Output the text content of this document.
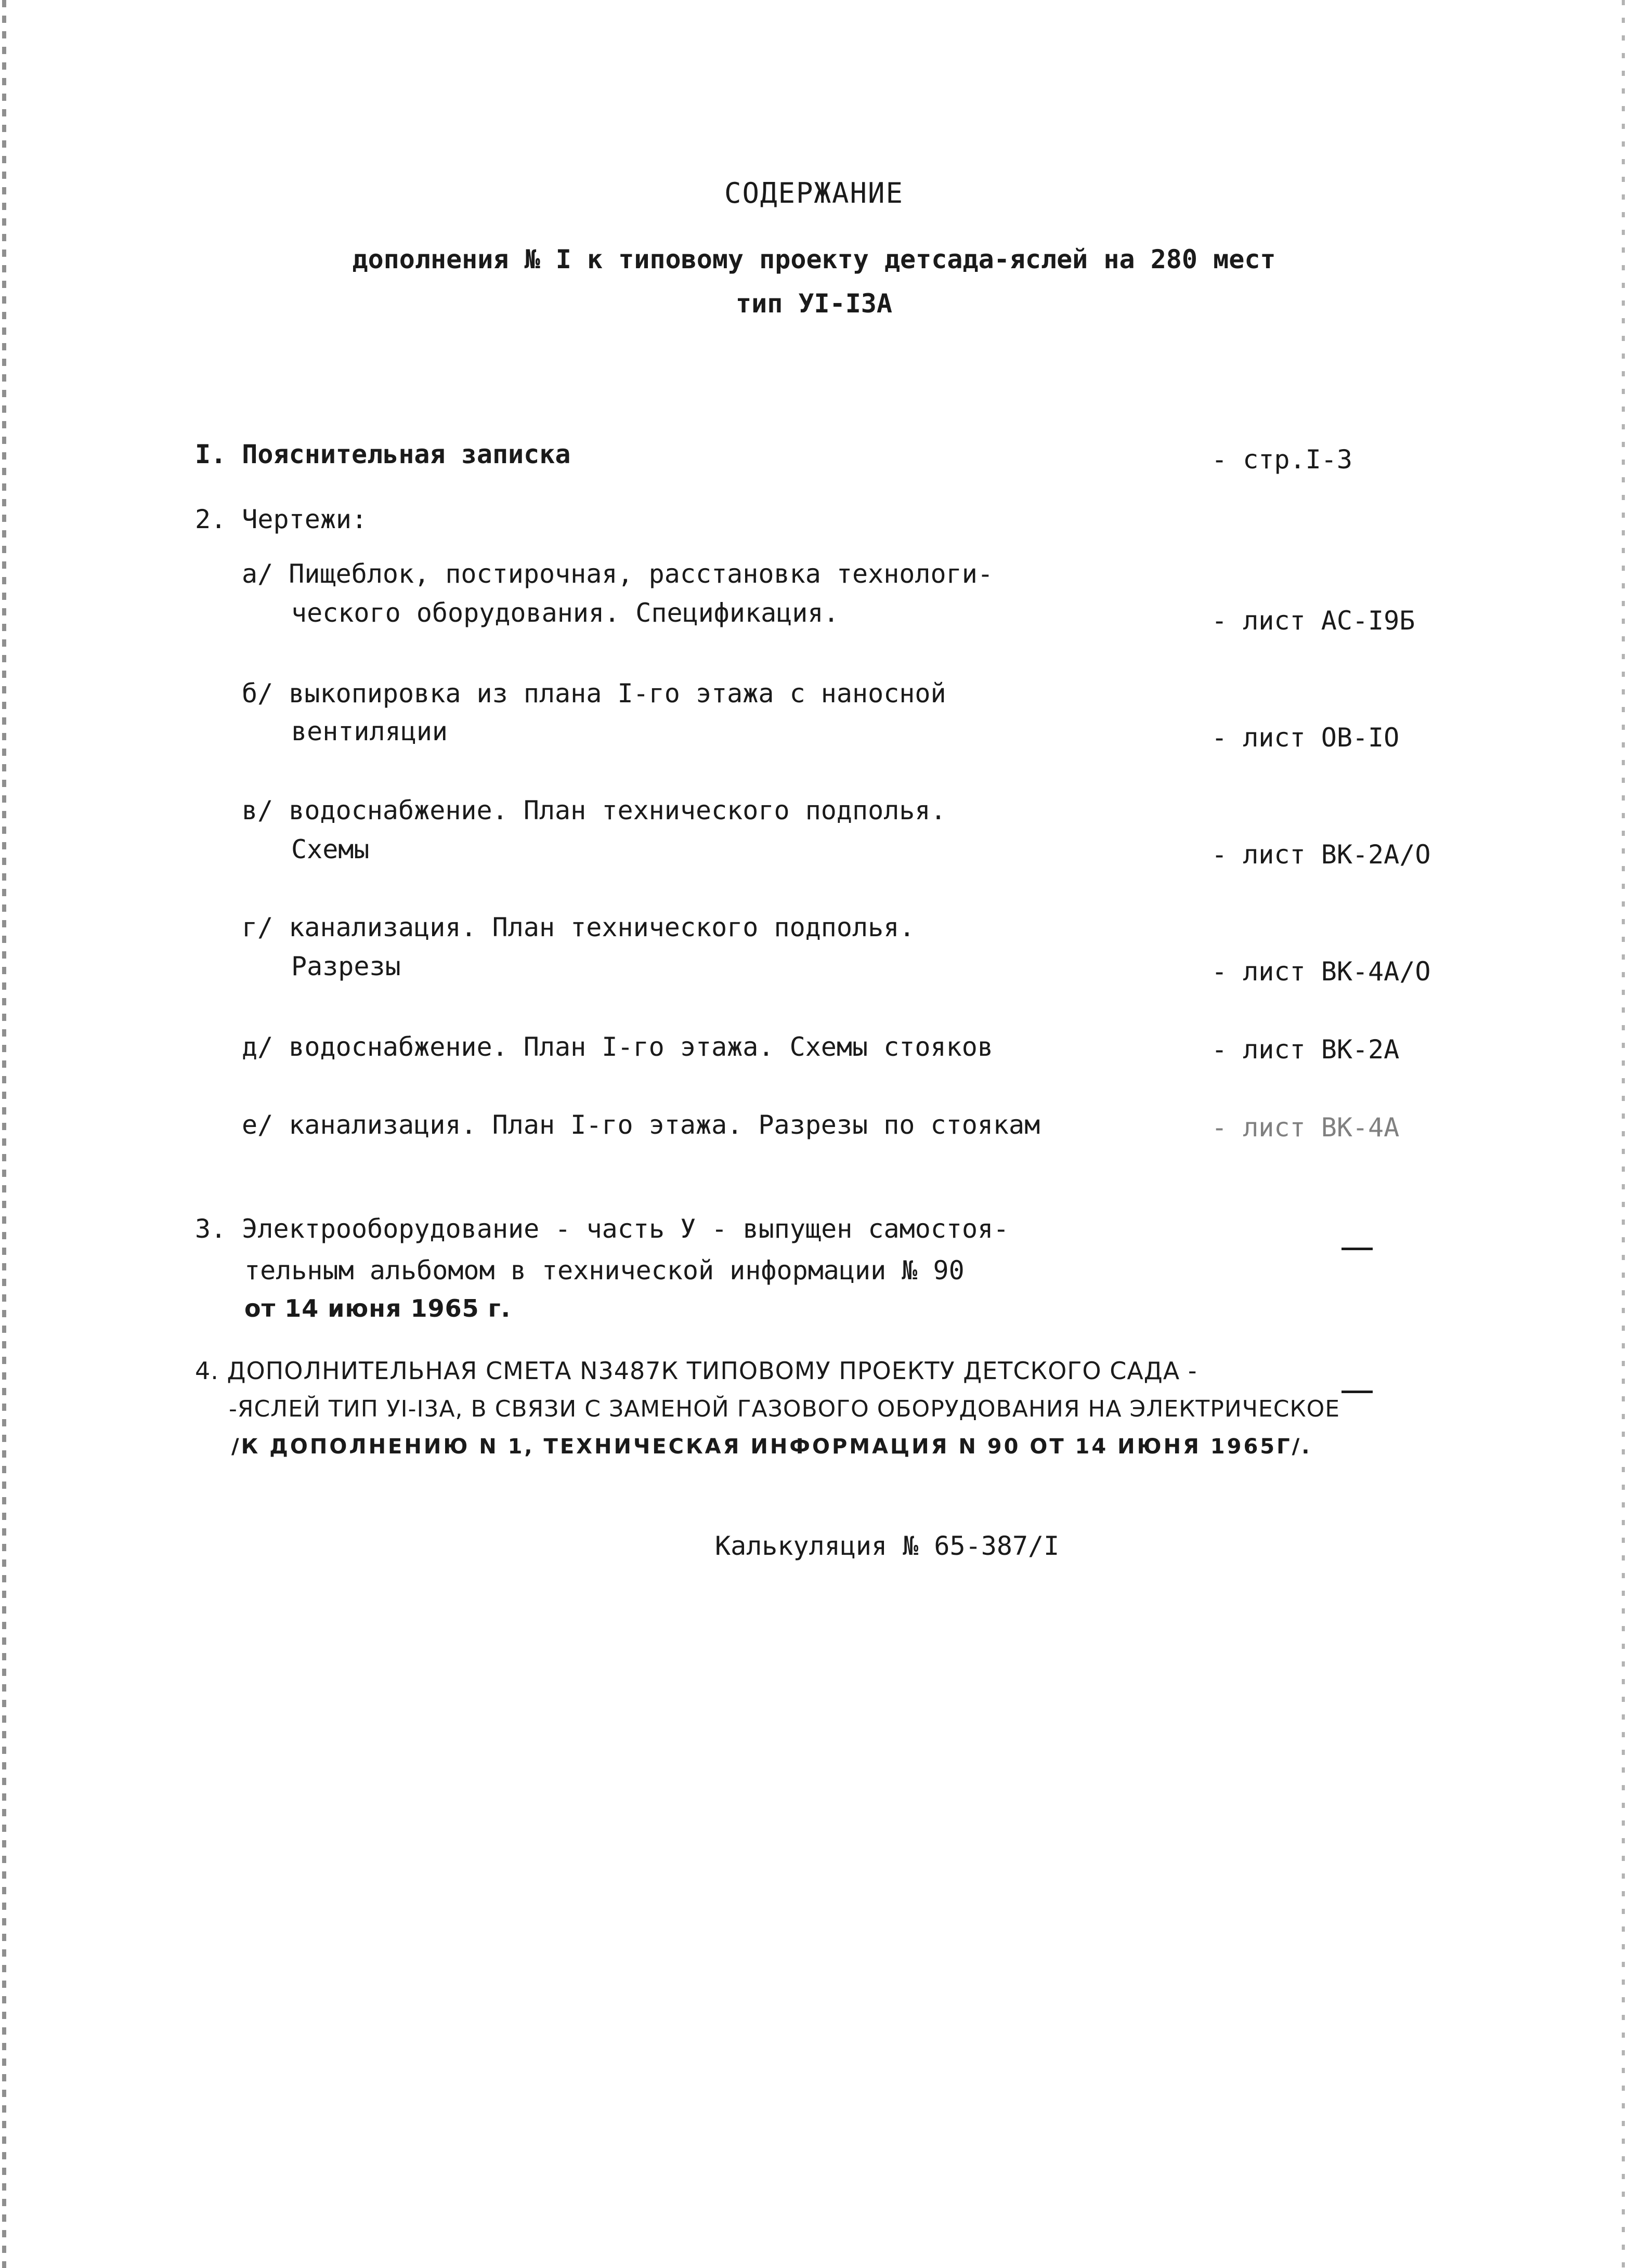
СОДЕРЖАНИЕ
дополнения № I к типовому проекту детсада-яслей на 280 мест
тип УI-I3А
I. Пояснительная записка	- стр.I-3
2. Чертежи:
а/ Пищеблок, постирочная, расстановка технологи-
ческого оборудования. Спецификация.	- лист АС-I9Б
б/ выкопировка из плана I-го этажа с наносной
вентиляции	- лист ОВ-IO
в/ водоснабжение. План технического подполья.
Схемы	- лист ВК-2А/О
г/ канализация. План технического подполья.
Разрезы	- лист ВК-4А/О
д/ водоснабжение. План I-го этажа. Схемы стояков	- лист ВК-2А
е/ канализация. План I-го этажа. Разрезы по стоякам	- лист ВК-4А
3. Электрооборудование - часть У - выпущен самостоя-
тельным альбомом в технической информации № 90
от 14 июня 1965 г.
4. ДОПОЛНИТЕЛЬНАЯ СМЕТА N3487К ТИПОВОМУ ПРОЕКТУ ДЕТСКОГО САДА -
-ЯСЛЕЙ ТИП УI-I3А, В СВЯЗИ С ЗАМЕНОЙ ГАЗОВОГО ОБОРУДОВАНИЯ НА ЭЛЕКТРИЧЕСКОЕ
/К ДОПОЛНЕНИЮ N 1, ТЕХНИЧЕСКАЯ ИНФОРМАЦИЯ N 90 ОТ 14 ИЮНЯ 1965Г/.
Калькуляция № 65-387/I
